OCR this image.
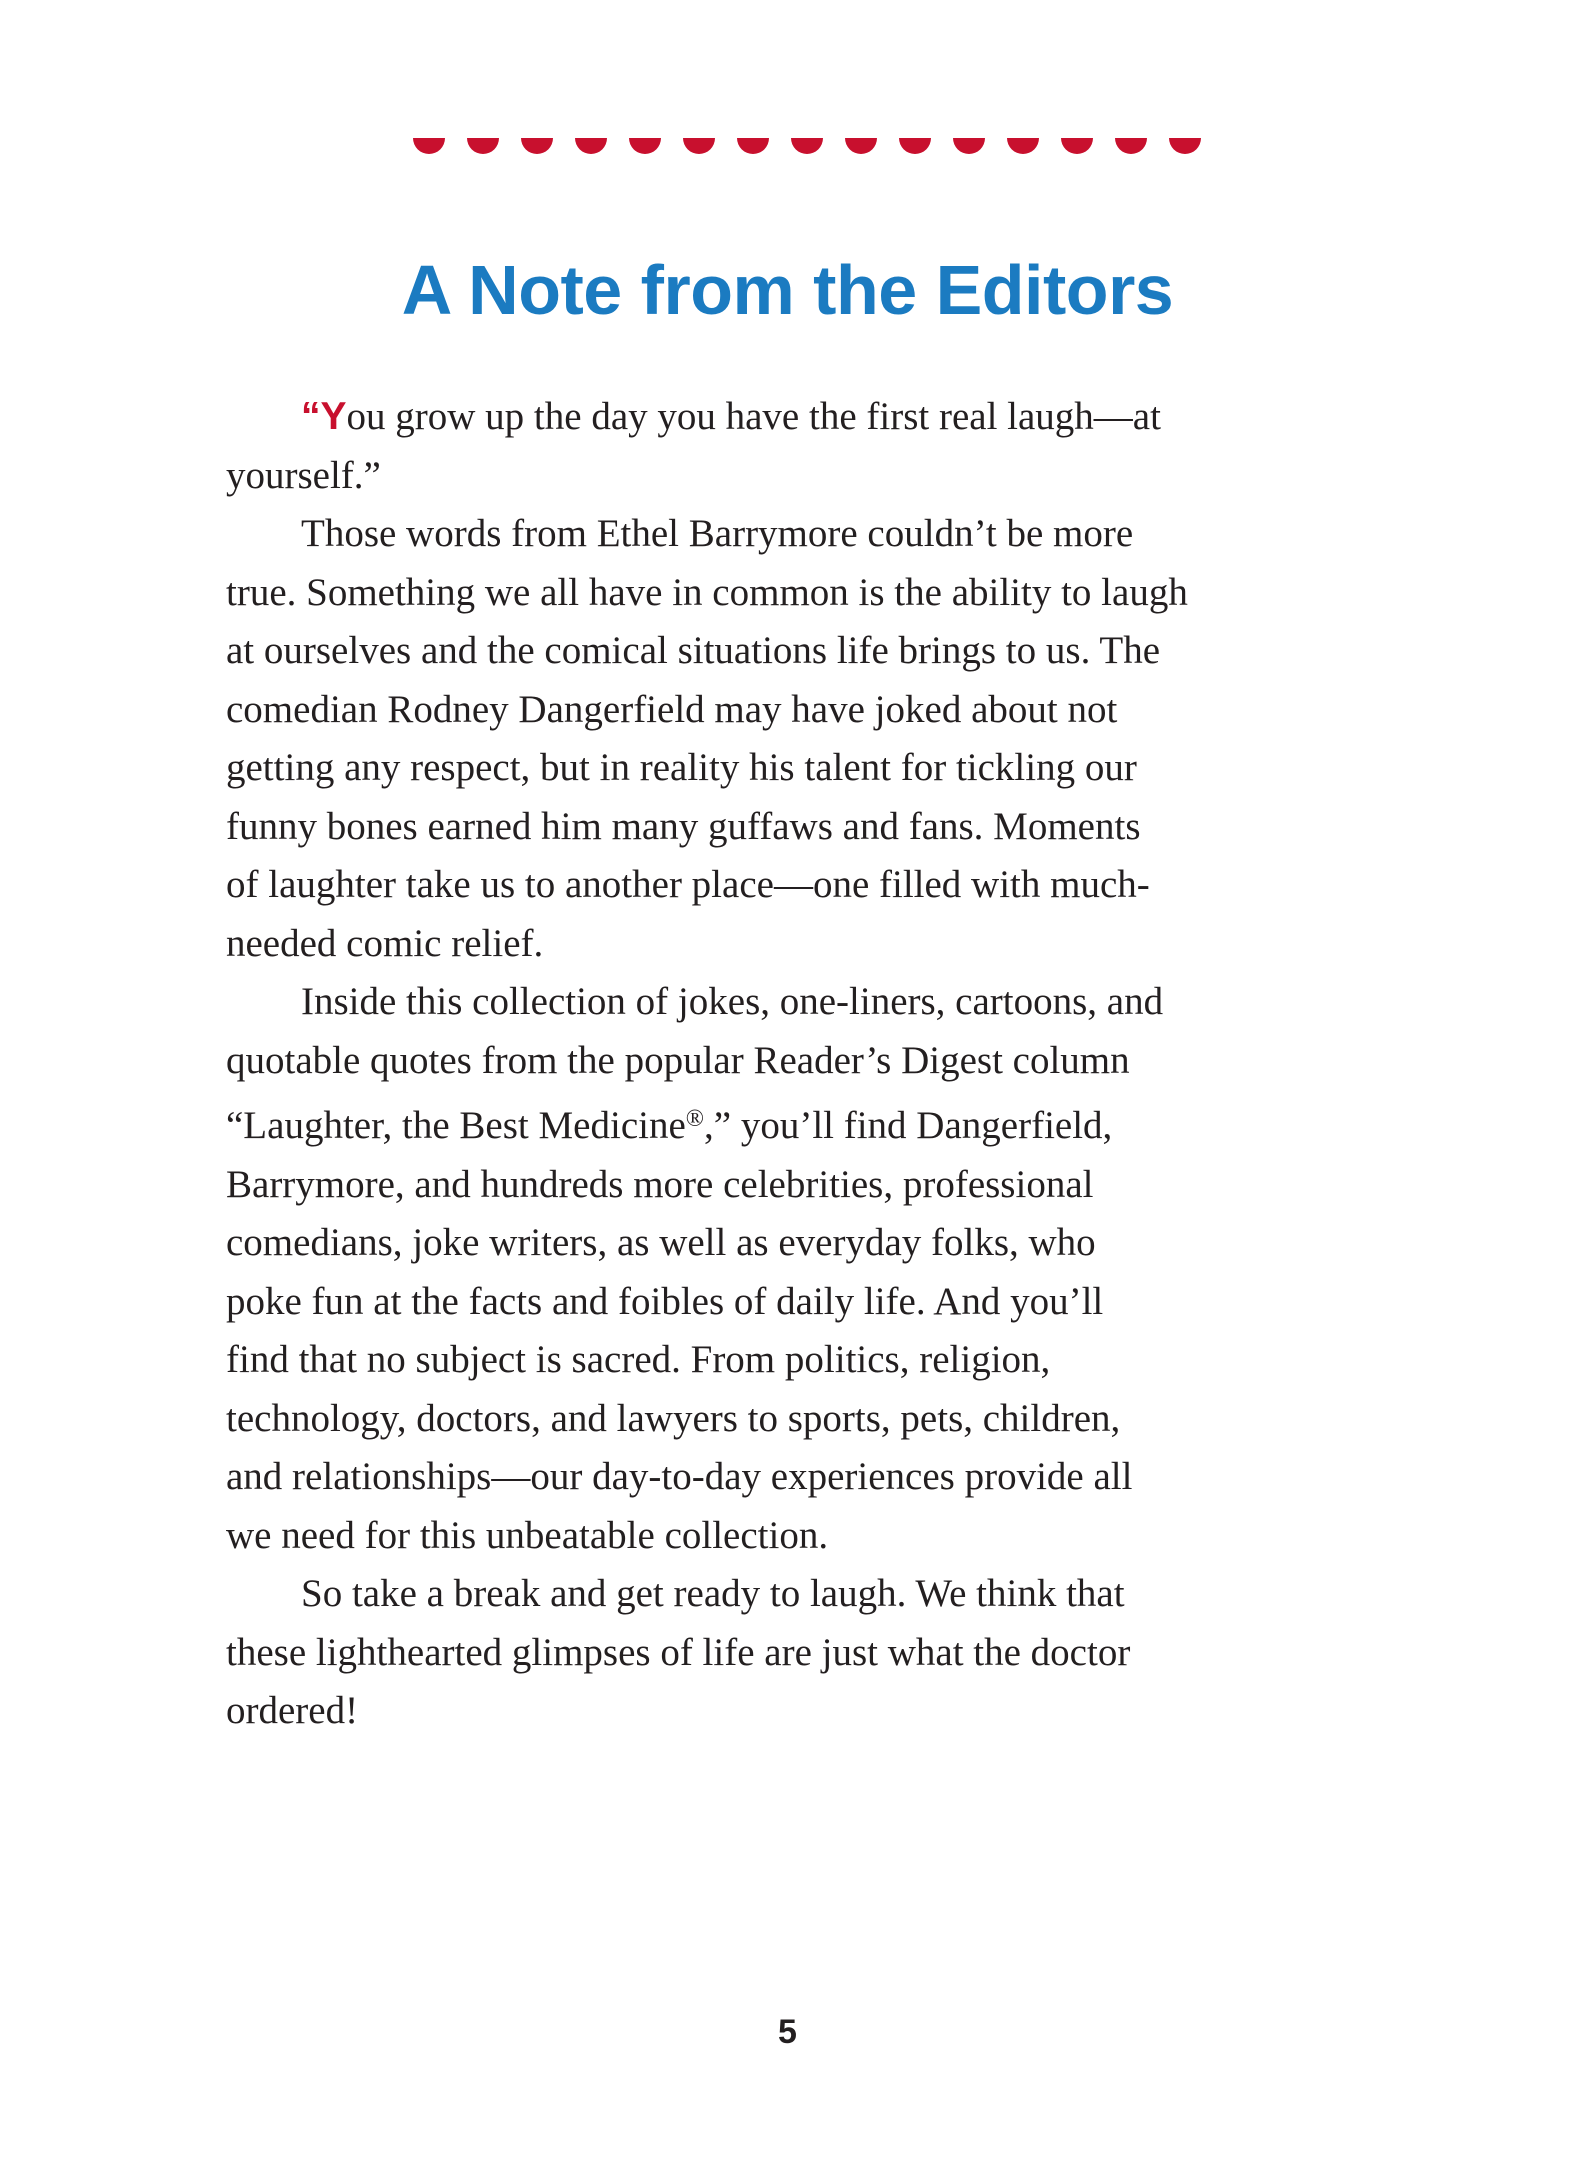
A Note from the Editors

“You grow up the day you have the first real laugh—at
yourself.”

Those words from Ethel Barrymore couldn’t be more
true. Something we all have in common is the ability to laugh
at ourselves and the comical situations life brings to us. The
comedian Rodney Dangerfield may have joked about not
getting any respect, but in reality his talent for tickling our
funny bones earned him many guffaws and fans. Moments
of laughter take us to another place—one filled with much-
needed comic relief.

Inside this collection of jokes, one-liners, cartoons, and
quotable quotes from the popular Reader’s Digest column
“Laughter, the Best Medicine®,” you’ll find Dangerfield,
Barrymore, and hundreds more celebrities, professional
comedians, joke writers, as well as everyday folks, who
poke fun at the facts and foibles of daily life. And you’ll
find that no subject is sacred. From politics, religion,
technology, doctors, and lawyers to sports, pets, children,
and relationships—our day-to-day experiences provide all
we need for this unbeatable collection.

So take a break and get ready to laugh. We think that
these lighthearted glimpses of life are just what the doctor
ordered!

5
